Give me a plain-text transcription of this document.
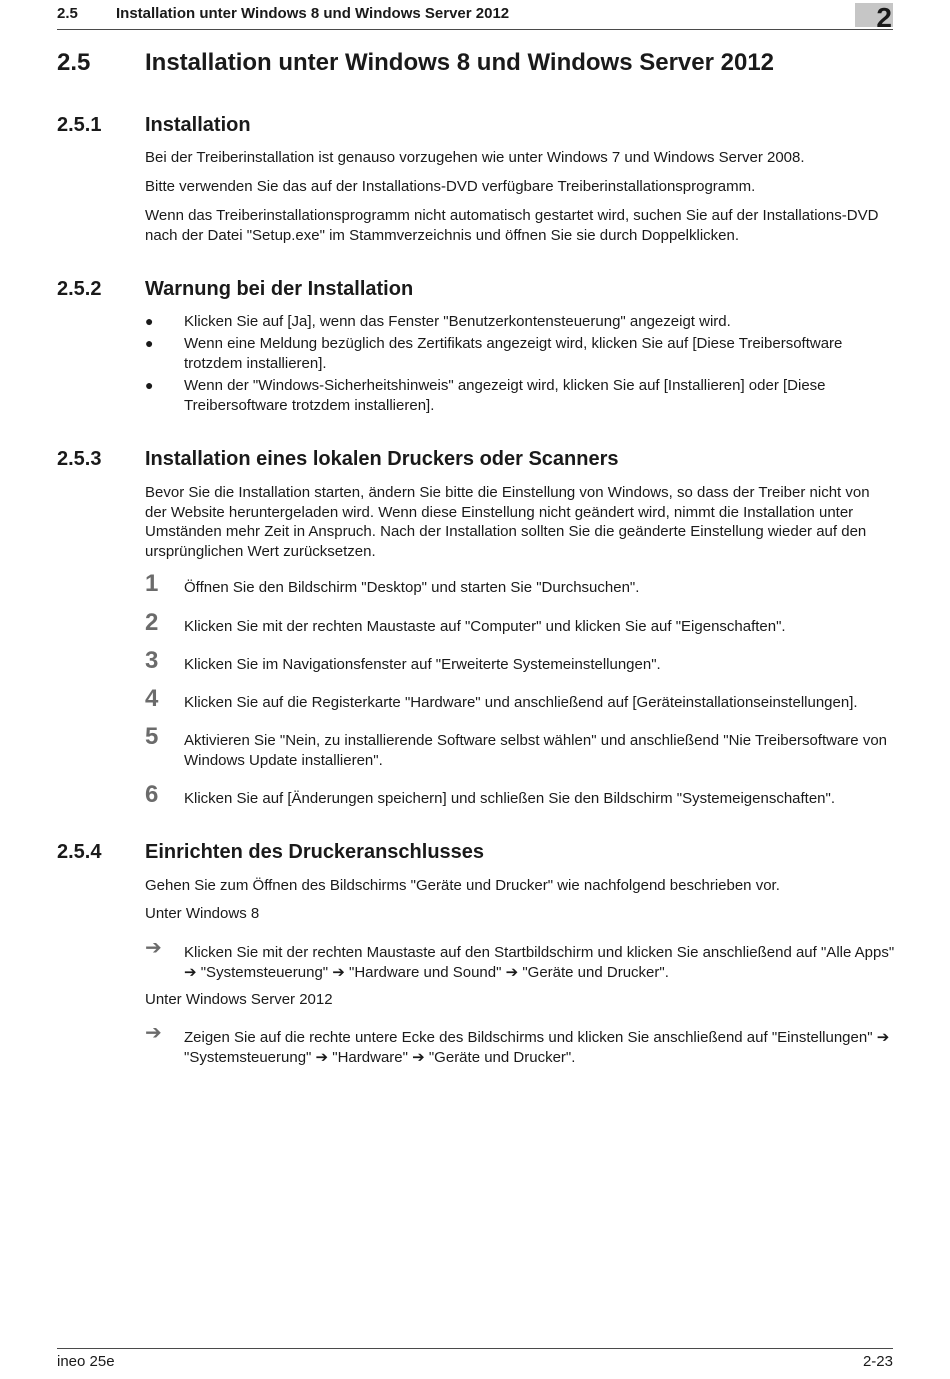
2.5	Installation unter Windows 8 und Windows Server 2012	2
2.5 Installation unter Windows 8 und Windows Server 2012
2.5.1 Installation
Bei der Treiberinstallation ist genauso vorzugehen wie unter Windows 7 und Windows Server 2008.
Bitte verwenden Sie das auf der Installations-DVD verfügbare Treiberinstallationsprogramm.
Wenn das Treiberinstallationsprogramm nicht automatisch gestartet wird, suchen Sie auf der Installations-DVD nach der Datei "Setup.exe" im Stammverzeichnis und öffnen Sie sie durch Doppelklicken.
2.5.2 Warnung bei der Installation
● Klicken Sie auf [Ja], wenn das Fenster "Benutzerkontensteuerung" angezeigt wird.
● Wenn eine Meldung bezüglich des Zertifikats angezeigt wird, klicken Sie auf [Diese Treibersoftware trotzdem installieren].
● Wenn der "Windows-Sicherheitshinweis" angezeigt wird, klicken Sie auf [Installieren] oder [Diese Treibersoftware trotzdem installieren].
2.5.3 Installation eines lokalen Druckers oder Scanners
Bevor Sie die Installation starten, ändern Sie bitte die Einstellung von Windows, so dass der Treiber nicht von der Website heruntergeladen wird. Wenn diese Einstellung nicht geändert wird, nimmt die Installation unter Umständen mehr Zeit in Anspruch. Nach der Installation sollten Sie die geänderte Einstellung wieder auf den ursprünglichen Wert zurücksetzen.
1 Öffnen Sie den Bildschirm "Desktop" und starten Sie "Durchsuchen".
2 Klicken Sie mit der rechten Maustaste auf "Computer" und klicken Sie auf "Eigenschaften".
3 Klicken Sie im Navigationsfenster auf "Erweiterte Systemeinstellungen".
4 Klicken Sie auf die Registerkarte "Hardware" und anschließend auf [Geräteinstallationseinstellungen].
5 Aktivieren Sie "Nein, zu installierende Software selbst wählen" und anschließend "Nie Treibersoftware von Windows Update installieren".
6 Klicken Sie auf [Änderungen speichern] und schließen Sie den Bildschirm "Systemeigenschaften".
2.5.4 Einrichten des Druckeranschlusses
Gehen Sie zum Öffnen des Bildschirms "Geräte und Drucker" wie nachfolgend beschrieben vor.
Unter Windows 8
➔ Klicken Sie mit der rechten Maustaste auf den Startbildschirm und klicken Sie anschließend auf "Alle Apps" ➔ "Systemsteuerung" ➔ "Hardware und Sound" ➔ "Geräte und Drucker".
Unter Windows Server 2012
➔ Zeigen Sie auf die rechte untere Ecke des Bildschirms und klicken Sie anschließend auf "Einstellungen" ➔ "Systemsteuerung" ➔ "Hardware" ➔ "Geräte und Drucker".
ineo 25e	2-23
